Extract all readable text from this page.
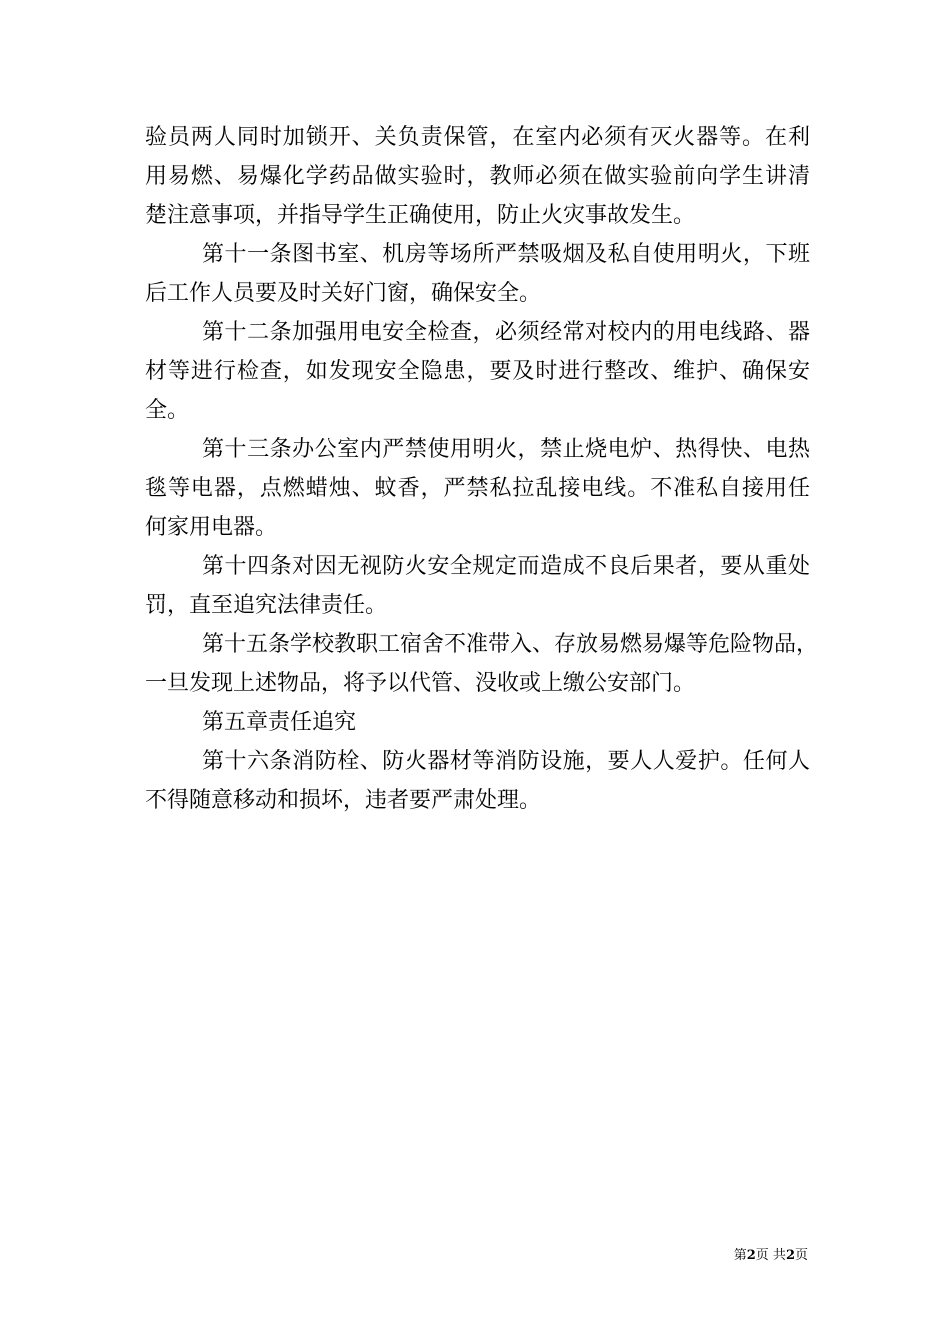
验员两人同时加锁开、关负责保管，在室内必须有灭火器等。在利
用易燃、易爆化学药品做实验时，教师必须在做实验前向学生讲清
楚注意事项，并指导学生正确使用，防止火灾事故发生。
第十一条图书室、机房等场所严禁吸烟及私自使用明火，下班
后工作人员要及时关好门窗，确保安全。
第十二条加强用电安全检查，必须经常对校内的用电线路、器
材等进行检查，如发现安全隐患，要及时进行整改、维护、确保安
全。
第十三条办公室内严禁使用明火，禁止烧电炉、热得快、电热
毯等电器，点燃蜡烛、蚊香，严禁私拉乱接电线。不准私自接用任
何家用电器。
第十四条对因无视防火安全规定而造成不良后果者，要从重处
罚，直至追究法律责任。
第十五条学校教职工宿舍不准带入、存放易燃易爆等危险物品，
一旦发现上述物品，将予以代管、没收或上缴公安部门。
第五章责任追究
第十六条消防栓、防火器材等消防设施，要人人爱护。任何人
不得随意移动和损坏，违者要严肃处理。
第2页 共2页
